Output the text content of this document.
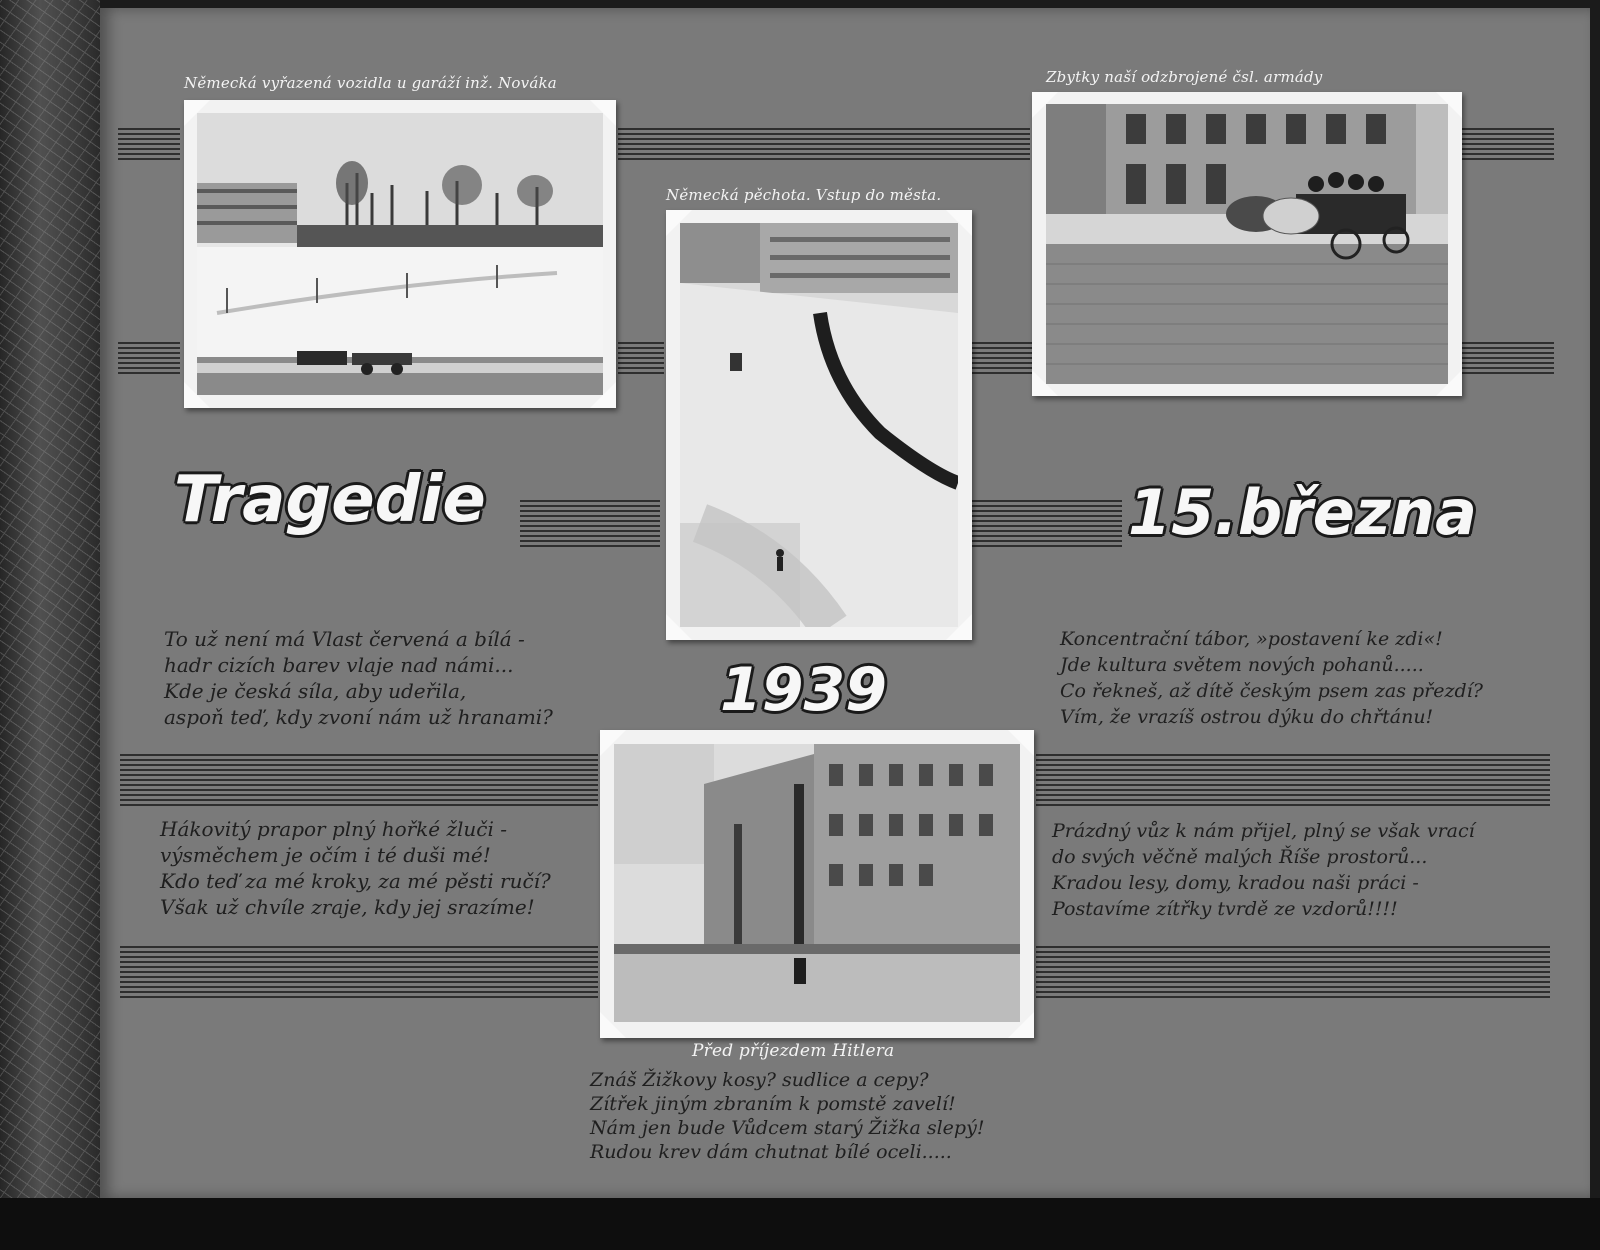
Německá vyřazená vozidla u garáží inž. Nováka
Německá pěchota. Vstup do města.
Zbytky naší odzbrojené čsl. armády
Před příjezdem Hitlera
Tragedie	15.března
1939
To už není má Vlast červená a bílá -
hadr cizích barev vlaje nad námi...
Kde je česká síla, aby udeřila,
aspoň teď, kdy zvoní nám už hranami?
Hákovitý prapor plný hořké žluči -
výsměchem je očím i té duši mé!
Kdo teď za mé kroky, za mé pěsti ručí?
Však už chvíle zraje, kdy jej srazíme!
Koncentrační tábor, »postavení ke zdi«!
Jde kultura světem nových pohanů.....
Co řekneš, až dítě českým psem zas přezdí?
Vím, že vrazíš ostrou dýku do chřtánu!
Prázdný vůz k nám přijel, plný se však vrací
do svých věčně malých Říše prostorů...
Kradou lesy, domy, kradou naši práci -
Postavíme zítřky tvrdě ze vzdorů!!!!
Znáš Žižkovy kosy? sudlice a cepy?
Zítřek jiným zbraním k pomstě zavelí!
Nám jen bude Vůdcem starý Žižka slepý!
Rudou krev dám chutnat bílé oceli.....
